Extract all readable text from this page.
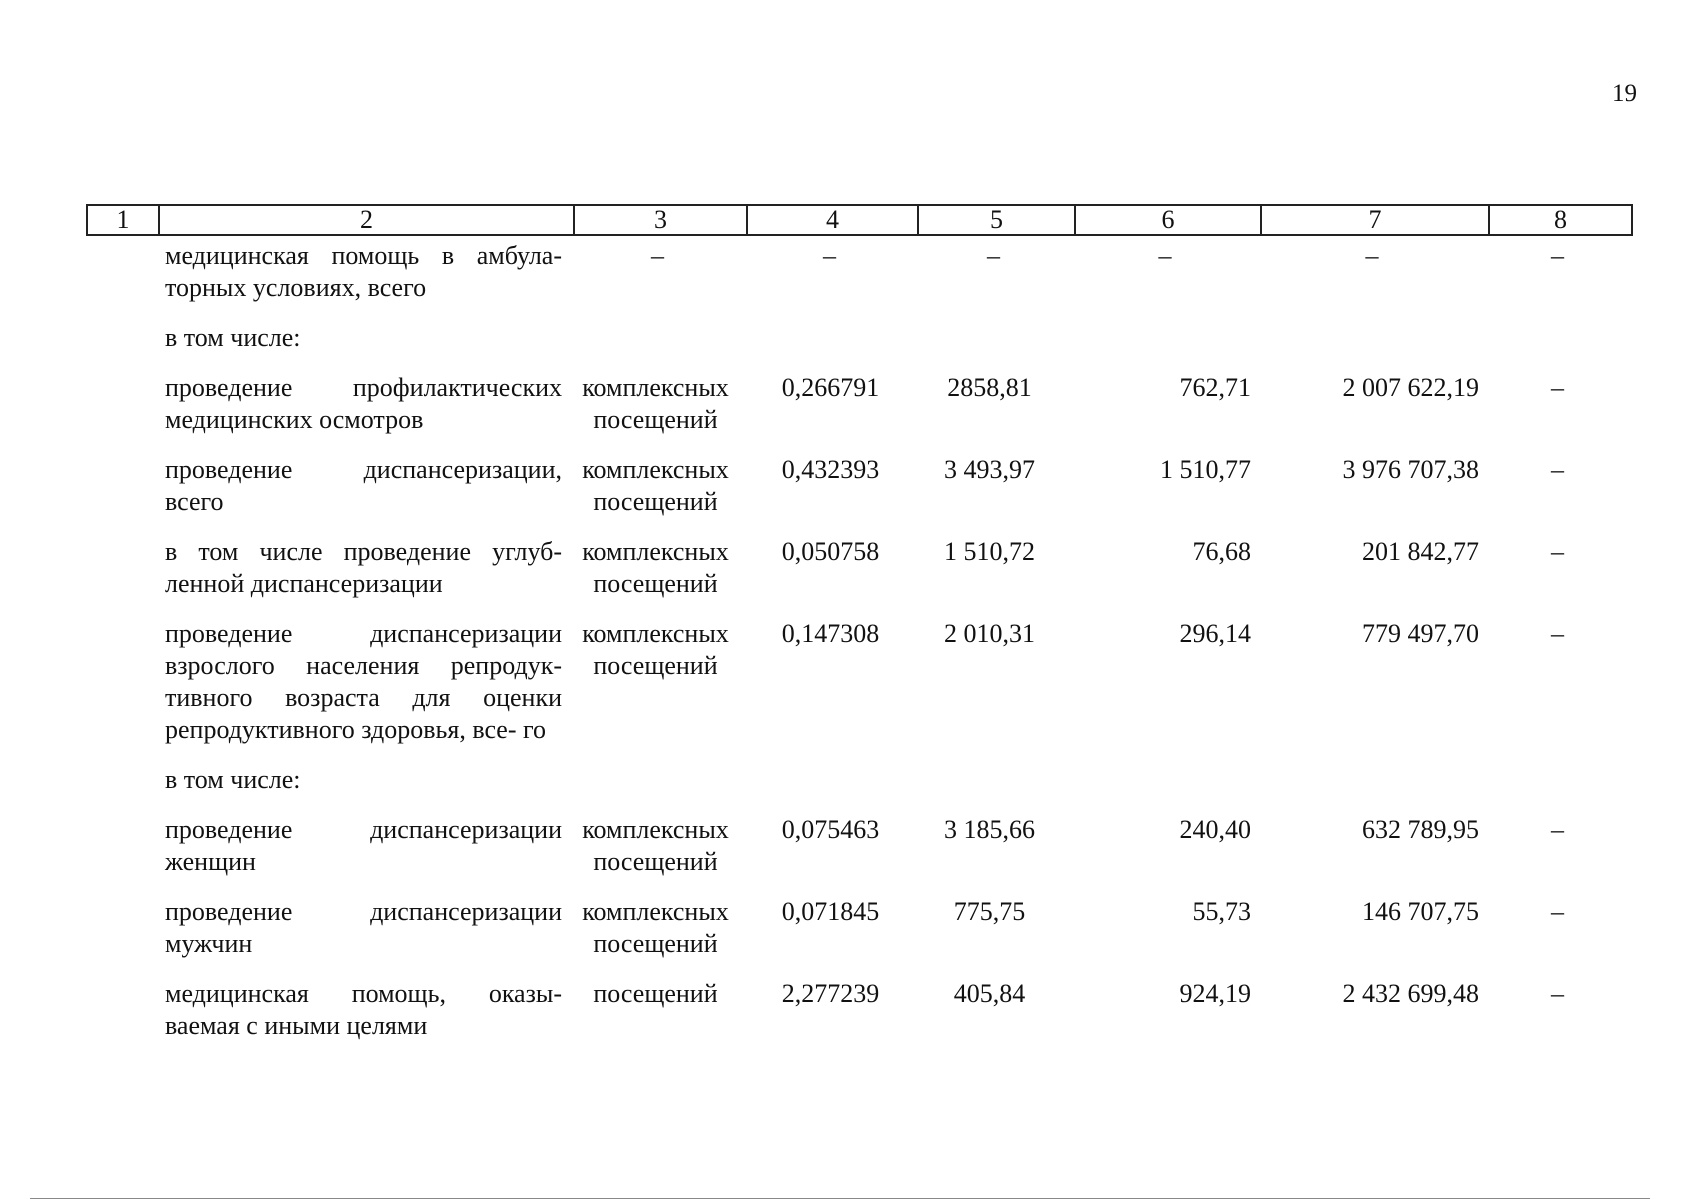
19
1	2	3	4	5	6	7	8
	медицинская помощь в амбула- торных условиях, всего	–	–	–	–	–	–
	в том числе:						
	проведение профилактических медицинских осмотров	комплексных посещений	0,266791	2858,81	762,71	2 007 622,19	–
	проведение диспансеризации, всего	комплексных посещений	0,432393	3 493,97	1 510,77	3 976 707,38	–
	в том числе проведение углуб- ленной диспансеризации	комплексных посещений	0,050758	1 510,72	76,68	201 842,77	–
	проведение диспансеризации взрослого населения репродук- тивного возраста для оценки репродуктивного здоровья, все- го	комплексных посещений	0,147308	2 010,31	296,14	779 497,70	–
	в том числе:						
	проведение диспансеризации женщин	комплексных посещений	0,075463	3 185,66	240,40	632 789,95	–
	проведение диспансеризации мужчин	комплексных посещений	0,071845	775,75	55,73	146 707,75	–
	медицинская помощь, оказы- ваемая с иными целями	посещений	2,277239	405,84	924,19	2 432 699,48	–
